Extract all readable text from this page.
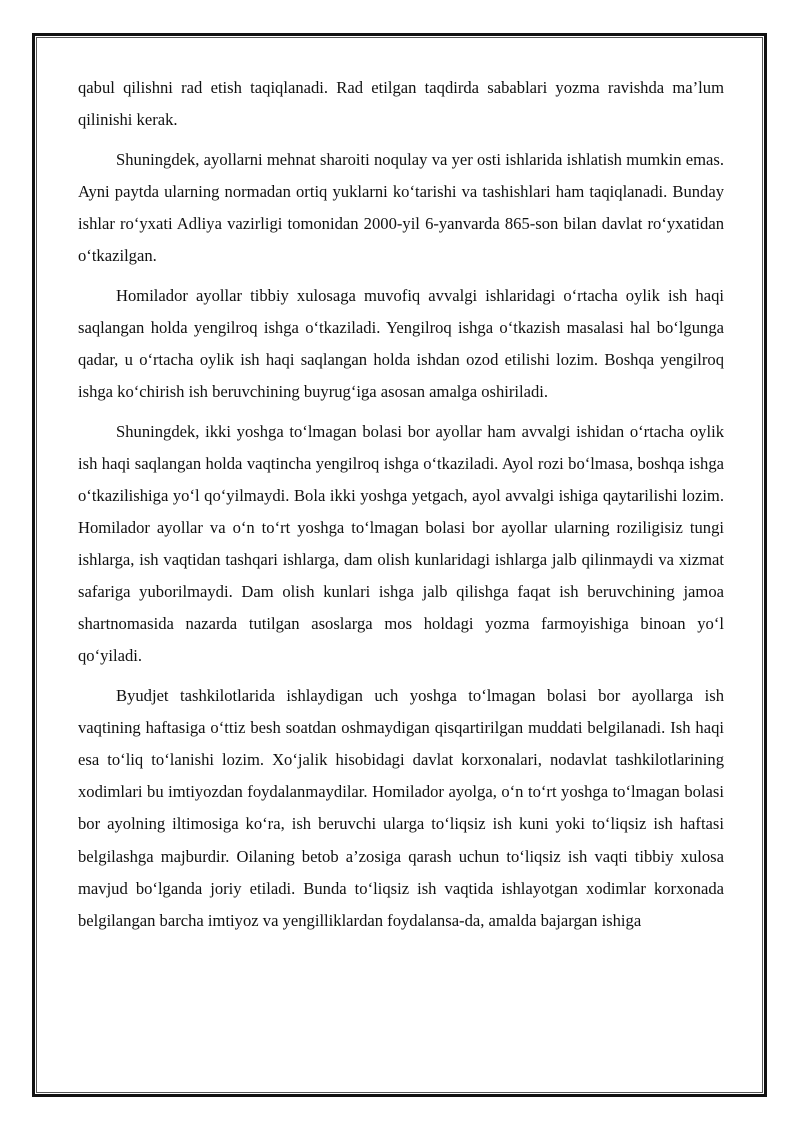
qabul qilishni rad etish taqiqlanadi. Rad etilgan taqdirda sabablari yozma ravishda ma’lum qilinishi kerak.

Shuningdek, ayollarni mehnat sharoiti noqulay va yer osti ishlarida ishlatish mumkin emas. Ayni paytda ularning normadan ortiq yuklarni ko‘tarishi va tashishlari ham taqiqlanadi. Bunday ishlar ro‘yxati Adliya vazirligi tomonidan 2000-yil 6-yanvarda 865-son bilan davlat ro‘yxatidan o‘tkazilgan.

Homilador ayollar tibbiy xulosaga muvofiq avvalgi ishlaridagi o‘rtacha oylik ish haqi saqlangan holda yengilroq ishga o‘tkaziladi. Yengilroq ishga o‘tkazish masalasi hal bo‘lgunga qadar, u o‘rtacha oylik ish haqi saqlangan holda ishdan ozod etilishi lozim. Boshqa yengilroq ishga ko‘chirish ish beruvchining buyrug‘iga asosan amalga oshiriladi.

Shuningdek, ikki yoshga to‘lmagan bolasi bor ayollar ham avvalgi ishidan o‘rtacha oylik ish haqi saqlangan holda vaqtincha yengilroq ishga o‘tkaziladi. Ayol rozi bo‘lmasa, boshqa ishga o‘tkazilishiga yo‘l qo‘yilmaydi. Bola ikki yoshga yetgach, ayol avvalgi ishiga qaytarilishi lozim. Homilador ayollar va o‘n to‘rt yoshga to‘lmagan bolasi bor ayollar ularning roziligisiz tungi ishlarga, ish vaqtidan tashqari ishlarga, dam olish kunlaridagi ishlarga jalb qilinmaydi va xizmat safariga yuborilmaydi. Dam olish kunlari ishga jalb qilishga faqat ish beruvchining jamoa shartnomasida nazarda tutilgan asoslarga mos holdagi yozma farmoyishiga binoan yo‘l qo‘yiladi.

Byudjet tashkilotlarida ishlaydigan uch yoshga to‘lmagan bolasi bor ayollarga ish vaqtining haftasiga o‘ttiz besh soatdan oshmaydigan qisqartirilgan muddati belgilanadi. Ish haqi esa to‘liq to‘lanishi lozim. Xo‘jalik hisobidagi davlat korxonalari, nodavlat tashkilotlarining xodimlari bu imtiyozdan foydalanmaydilar. Homilador ayolga, o‘n to‘rt yoshga to‘lmagan bolasi bor ayolning iltimosiga ko‘ra, ish beruvchi ularga to‘liqsiz ish kuni yoki to‘liqsiz ish haftasi belgilashga majburdir. Oilaning betob a’zosiga qarash uchun to‘liqsiz ish vaqti tibbiy xulosa mavjud bo‘lganda joriy etiladi. Bunda to‘liqsiz ish vaqtida ishlayotgan xodimlar korxonada belgilangan barcha imtiyoz va yengilliklardan foydalansa-da, amalda bajargan ishiga
